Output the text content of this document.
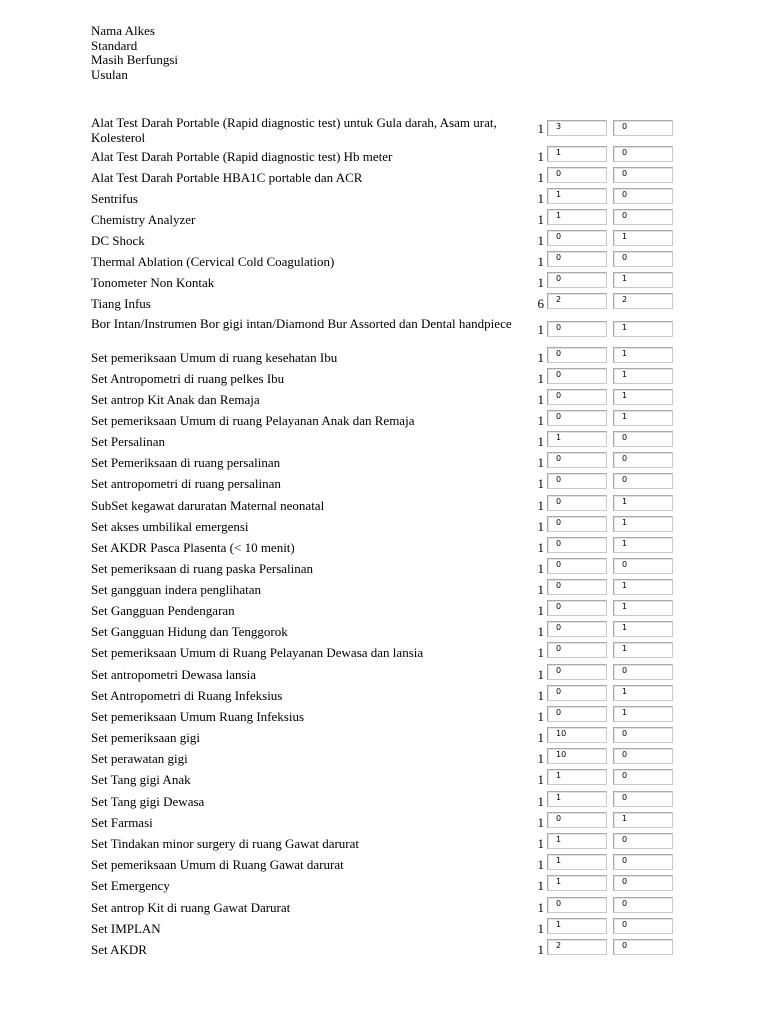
Nama Alkes
Standard
Masih Berfungsi
Usulan
Alat Test Darah Portable (Rapid diagnostic test) untuk Gula darah, Asam urat, Kolesterol
1	3	0
Alat Test Darah Portable (Rapid diagnostic test) Hb meter	1	1	0
Alat Test Darah Portable HBA1C portable dan ACR	1	0	0
Sentrifus	1	1	0
Chemistry Analyzer	1	1	0
DC Shock	1	0	1
Thermal Ablation (Cervical Cold Coagulation)	1	0	0
Tonometer Non Kontak	1	0	1
Tiang Infus	6	2	2
Bor Intan/Instrumen Bor gigi intan/Diamond Bur Assorted dan Dental handpiece	1	0	1
Set pemeriksaan Umum di ruang kesehatan Ibu	1	0	1
Set Antropometri di ruang pelkes Ibu	1	0	1
Set antrop Kit Anak dan Remaja	1	0	1
Set pemeriksaan Umum di ruang Pelayanan Anak dan Remaja	1	0	1
Set Persalinan	1	1	0
Set Pemeriksaan di ruang persalinan	1	0	0
Set antropometri di ruang persalinan	1	0	0
SubSet kegawat daruratan Maternal neonatal	1	0	1
Set akses umbilikal emergensi	1	0	1
Set AKDR Pasca Plasenta (< 10 menit)	1	0	1
Set pemeriksaan di ruang paska Persalinan	1	0	0
Set gangguan indera penglihatan	1	0	1
Set Gangguan Pendengaran	1	0	1
Set Gangguan Hidung dan Tenggorok	1	0	1
Set pemeriksaan Umum di Ruang Pelayanan Dewasa dan lansia	1	0	1
Set antropometri Dewasa lansia	1	0	0
Set Antropometri di Ruang Infeksius	1	0	1
Set pemeriksaan Umum Ruang Infeksius	1	0	1
Set pemeriksaan gigi	1	10	0
Set perawatan gigi	1	10	0
Set Tang gigi Anak	1	1	0
Set Tang gigi Dewasa	1	1	0
Set Farmasi	1	0	1
Set Tindakan minor surgery di ruang Gawat darurat	1	1	0
Set pemeriksaan Umum di Ruang Gawat darurat	1	1	0
Set Emergency	1	1	0
Set antrop Kit di ruang Gawat Darurat	1	0	0
Set IMPLAN	1	1	0
Set AKDR	1	2	0
